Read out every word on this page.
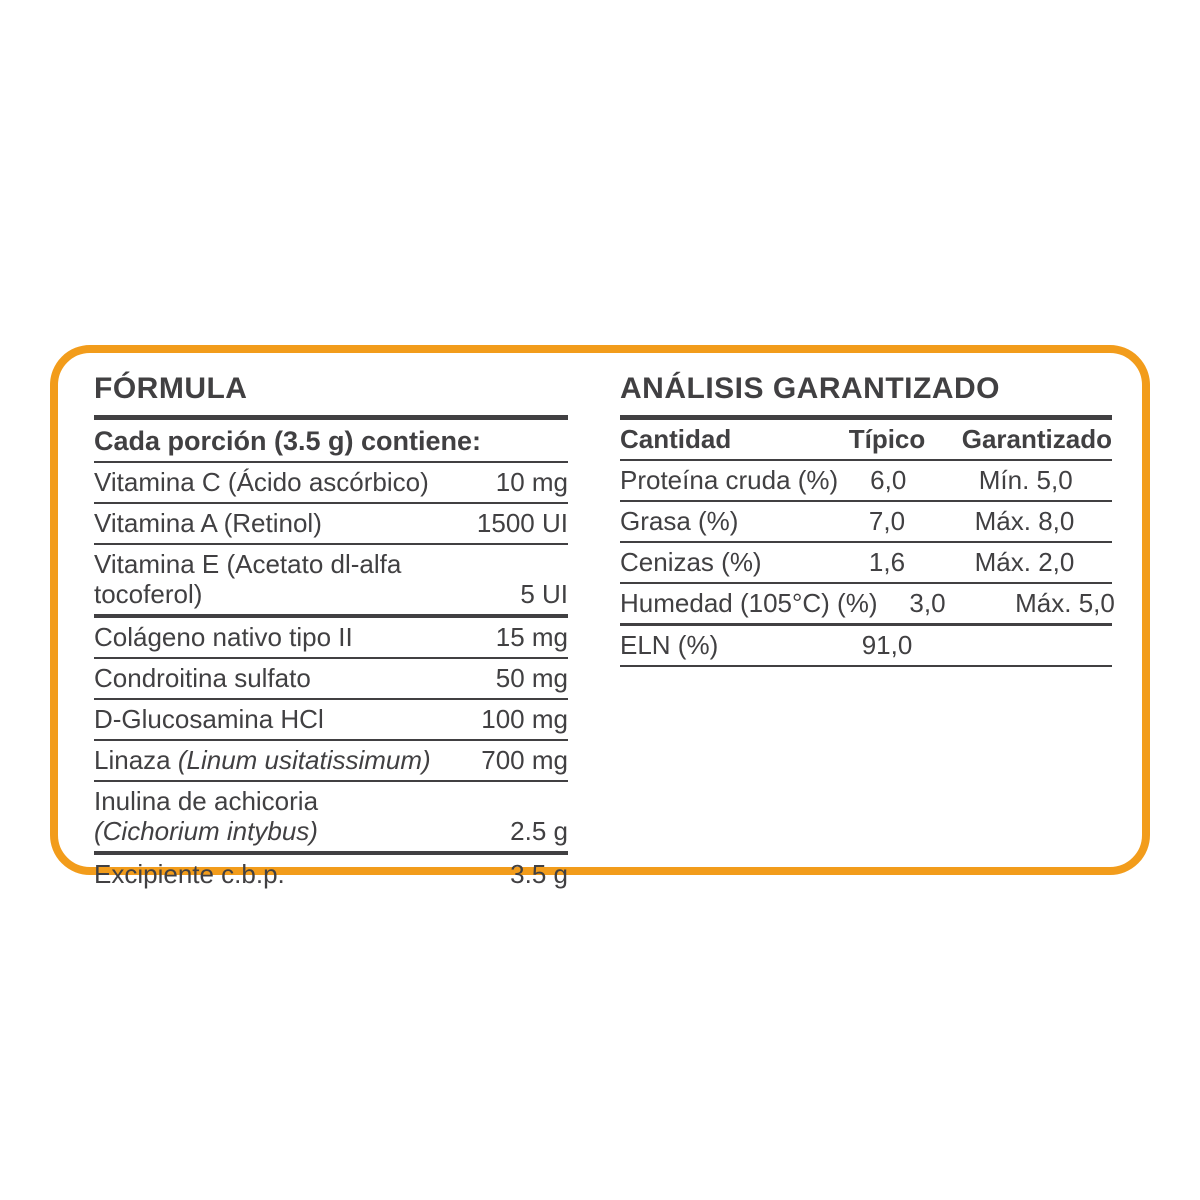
FÓRMULA
Cada porción (3.5 g) contiene:
Vitamina C (Ácido ascórbico)	10 mg
Vitamina A (Retinol)	1500 UI
Vitamina E (Acetato dl-alfa tocoferol)	5 UI
Colágeno nativo tipo II	15 mg
Condroitina sulfato	50 mg
D-Glucosamina HCl	100 mg
Linaza (Linum usitatissimum)	700 mg
Inulina de achicoria
(Cichorium intybus)	2.5 g
Excipiente c.b.p.	3.5 g
ANÁLISIS GARANTIZADO
Cantidad	Típico	Garantizado
Proteína cruda (%)	6,0	Mín. 5,0
Grasa (%)	7,0	Máx. 8,0
Cenizas (%)	1,6	Máx. 2,0
Humedad (105°C) (%)	3,0	Máx. 5,0
ELN (%)	91,0
